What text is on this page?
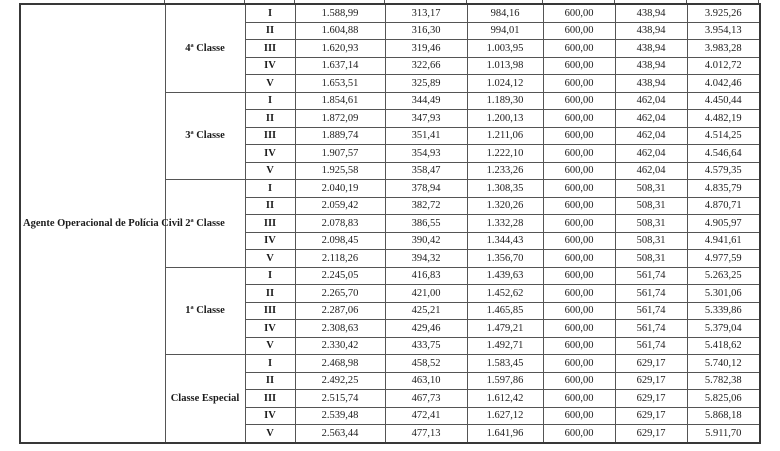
Agente Operacional de Polícia Civil	4ª Classe	I	1.588,99	313,17	984,16	600,00	438,94	3.925,26
		II	1.604,88	316,30	994,01	600,00	438,94	3.954,13
		III	1.620,93	319,46	1.003,95	600,00	438,94	3.983,28
		IV	1.637,14	322,66	1.013,98	600,00	438,94	4.012,72
		V	1.653,51	325,89	1.024,12	600,00	438,94	4.042,46
	3ª Classe	I	1.854,61	344,49	1.189,30	600,00	462,04	4.450,44
		II	1.872,09	347,93	1.200,13	600,00	462,04	4.482,19
		III	1.889,74	351,41	1.211,06	600,00	462,04	4.514,25
		IV	1.907,57	354,93	1.222,10	600,00	462,04	4.546,64
		V	1.925,58	358,47	1.233,26	600,00	462,04	4.579,35
	2ª Classe	I	2.040,19	378,94	1.308,35	600,00	508,31	4.835,79
		II	2.059,42	382,72	1.320,26	600,00	508,31	4.870,71
		III	2.078,83	386,55	1.332,28	600,00	508,31	4.905,97
		IV	2.098,45	390,42	1.344,43	600,00	508,31	4.941,61
		V	2.118,26	394,32	1.356,70	600,00	508,31	4.977,59
	1ª Classe	I	2.245,05	416,83	1.439,63	600,00	561,74	5.263,25
		II	2.265,70	421,00	1.452,62	600,00	561,74	5.301,06
		III	2.287,06	425,21	1.465,85	600,00	561,74	5.339,86
		IV	2.308,63	429,46	1.479,21	600,00	561,74	5.379,04
		V	2.330,42	433,75	1.492,71	600,00	561,74	5.418,62
	Classe Especial	I	2.468,98	458,52	1.583,45	600,00	629,17	5.740,12
		II	2.492,25	463,10	1.597,86	600,00	629,17	5.782,38
		III	2.515,74	467,73	1.612,42	600,00	629,17	5.825,06
		IV	2.539,48	472,41	1.627,12	600,00	629,17	5.868,18
		V	2.563,44	477,13	1.641,96	600,00	629,17	5.911,70
